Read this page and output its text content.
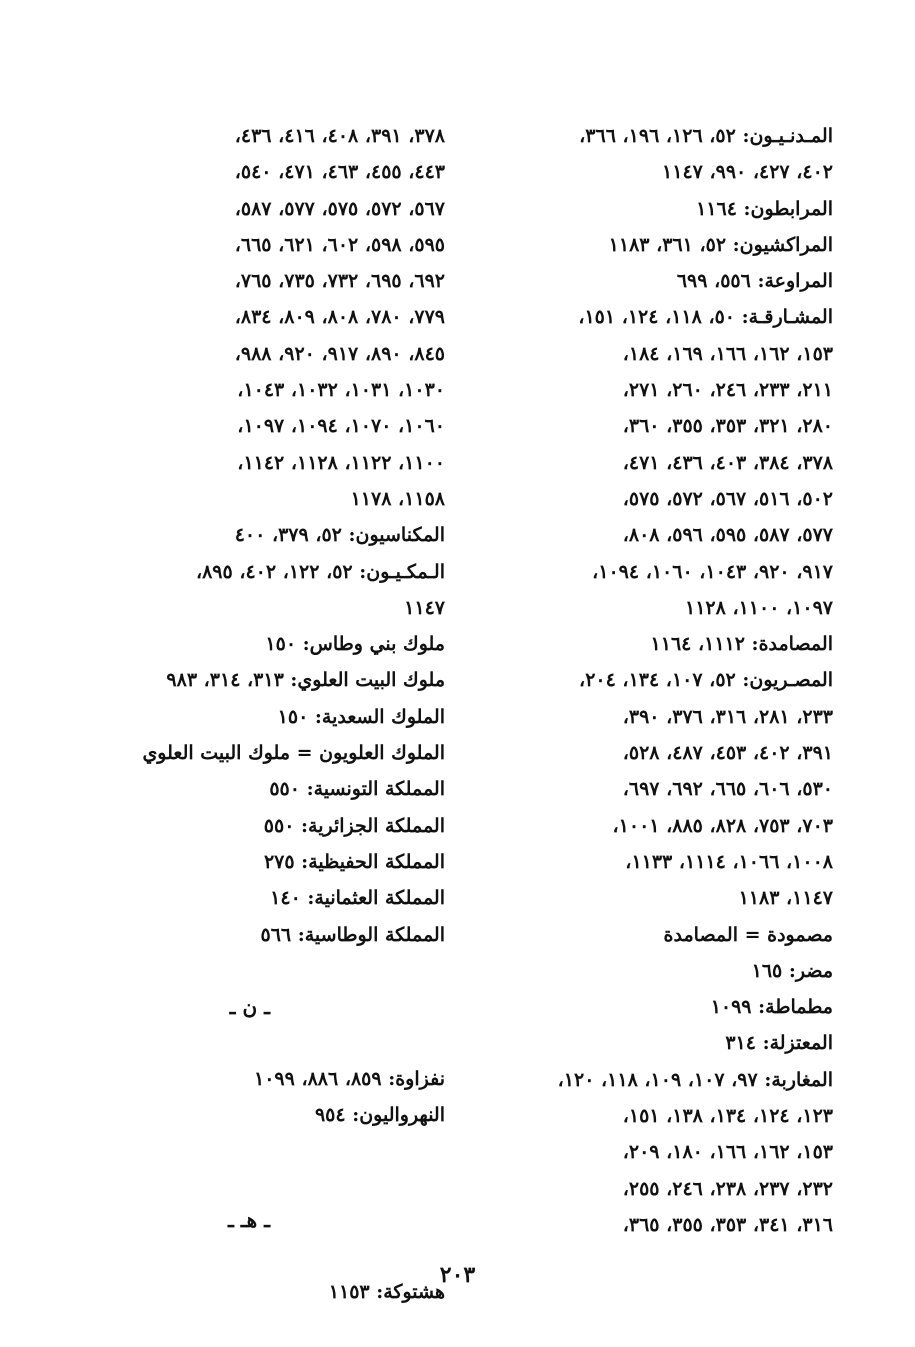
المـدنـيـون: ٥٢، ١٢٦، ١٩٦، ٣٦٦،
٤٠٢، ٤٢٧، ٩٩٠، ١١٤٧
المرابطون: ١١٦٤
المراكشيون: ٥٢، ٣٦١، ١١٨٣
المراوعة: ٥٥٦، ٦٩٩
المشـارقـة: ٥٠، ١١٨، ١٢٤، ١٥١،
١٥٣، ١٦٢، ١٦٦، ١٦٩، ١٨٤،
٢١١، ٢٣٣، ٢٤٦، ٢٦٠، ٢٧١،
٢٨٠، ٣٢١، ٣٥٣، ٣٥٥، ٣٦٠،
٣٧٨، ٣٨٤، ٤٠٣، ٤٣٦، ٤٧١،
٥٠٢، ٥١٦، ٥٦٧، ٥٧٢، ٥٧٥،
٥٧٧، ٥٨٧، ٥٩٥، ٥٩٦، ٨٠٨،
٩١٧، ٩٢٠، ١٠٤٣، ١٠٦٠، ١٠٩٤،
١٠٩٧، ١١٠٠، ١١٢٨
المصامدة: ١١١٢، ١١٦٤
المصـريون: ٥٢، ١٠٧، ١٣٤، ٢٠٤،
٢٣٣، ٢٨١، ٣١٦، ٣٧٦، ٣٩٠،
٣٩١، ٤٠٢، ٤٥٣، ٤٨٧، ٥٢٨،
٥٣٠، ٦٠٦، ٦٦٥، ٦٩٢، ٦٩٧،
٧٠٣، ٧٥٣، ٨٢٨، ٨٨٥، ١٠٠١،
١٠٠٨، ١٠٦٦، ١١١٤، ١١٣٣،
١١٤٧، ١١٨٣
مصمودة = المصامدة
مضر: ١٦٥
مطماطة: ١٠٩٩
المعتزلة: ٣١٤
المغاربة: ٩٧، ١٠٧، ١٠٩، ١١٨، ١٢٠،
١٢٣، ١٢٤، ١٣٤، ١٣٨، ١٥١،
١٥٣، ١٦٢، ١٦٦، ١٨٠، ٢٠٩،
٢٣٢، ٢٣٧، ٢٣٨، ٢٤٦، ٢٥٥،
٣١٦، ٣٤١، ٣٥٣، ٣٥٥، ٣٦٥،
٣٧٨، ٣٩١، ٤٠٨، ٤١٦، ٤٣٦،
٤٤٣، ٤٥٥، ٤٦٣، ٤٧١، ٥٤٠،
٥٦٧، ٥٧٢، ٥٧٥، ٥٧٧، ٥٨٧،
٥٩٥، ٥٩٨، ٦٠٢، ٦٢١، ٦٦٥،
٦٩٢، ٦٩٥، ٧٣٢، ٧٣٥، ٧٦٥،
٧٧٩، ٧٨٠، ٨٠٨، ٨٠٩، ٨٣٤،
٨٤٥، ٨٩٠، ٩١٧، ٩٢٠، ٩٨٨،
١٠٣٠، ١٠٣١، ١٠٣٢، ١٠٤٣،
١٠٦٠، ١٠٧٠، ١٠٩٤، ١٠٩٧،
١١٠٠، ١١٢٢، ١١٢٨، ١١٤٢،
١١٥٨، ١١٧٨
المكناسيون: ٥٢، ٣٧٩، ٤٠٠
الـمكـيـون: ٥٢، ١٢٢، ٤٠٢، ٨٩٥،
١١٤٧
ملوك بني وطاس: ١٥٠
ملوك البيت العلوي: ٣١٣، ٣١٤، ٩٨٣
الملوك السعدية: ١٥٠
الملوك العلويون = ملوك البيت العلوي
المملكة التونسية: ٥٥٠
المملكة الجزائرية: ٥٥٠
المملكة الحفيظية: ٢٧٥
المملكة العثمانية: ١٤٠
المملكة الوطاسية: ٥٦٦
ـ ن ـ
نفزاوة: ٨٥٩، ٨٨٦، ١٠٩٩
النهرواليون: ٩٥٤
ـ هـ ـ
هشتوكة: ١١٥٣
٢٠٣
